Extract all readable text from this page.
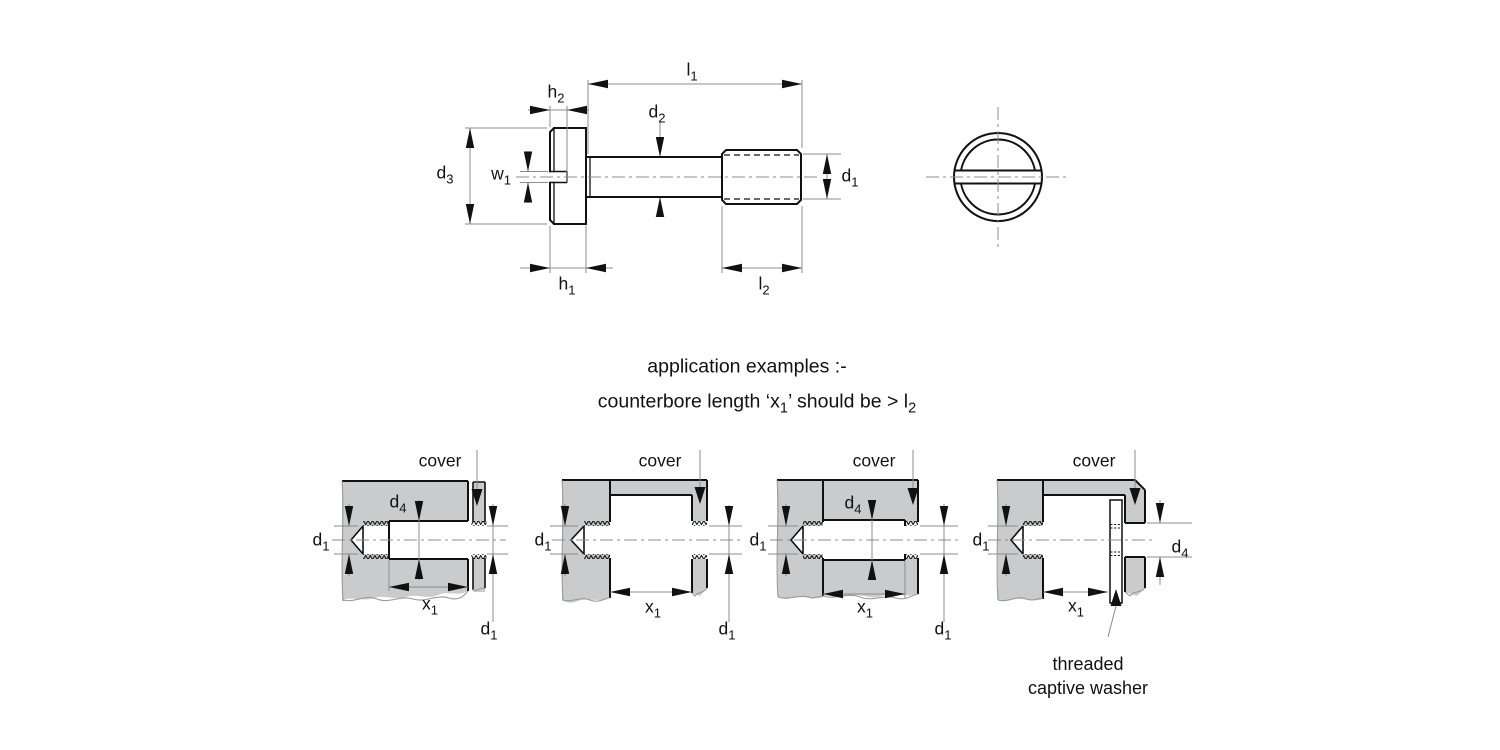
$l_1$
$h_2$
$d_2$
$d_3$ $w_1$	$d_1$
$h_1$	$l_2$
application examples :-
counterbore length ‘$x_1$’ should be > $l_2$
cover
$d_4$
$d_1$
$x_1$
$d_1$
cover
$d_1$
$x_1$
$d_1$
cover
$d_4$
$d_1$
$x_1$
$d_1$
cover
$d_1$	$d_4$
$x_1$
threaded
captive washer
